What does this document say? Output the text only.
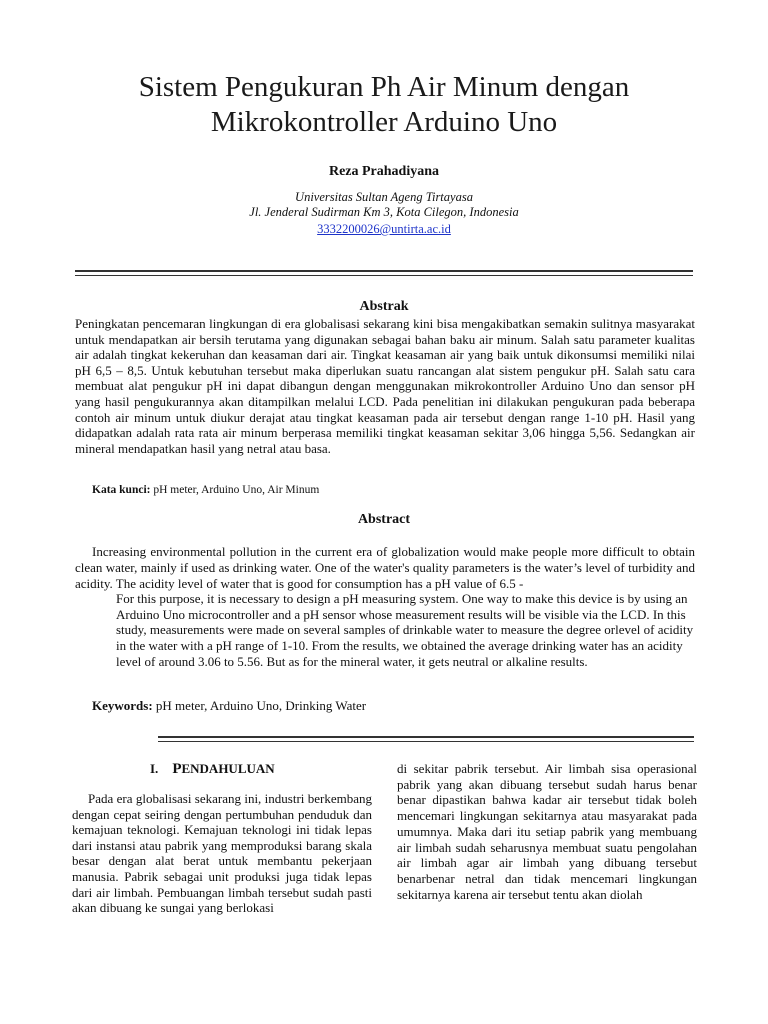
Sistem Pengukuran Ph Air Minum dengan
Mikrokontroller Arduino Uno
Reza Prahadiyana
Universitas Sultan Ageng Tirtayasa
Jl. Jenderal Sudirman Km 3, Kota Cilegon, Indonesia
3332200026@untirta.ac.id
Abstrak

Peningkatan pencemaran lingkungan di era globalisasi sekarang kini bisa mengakibatkan semakin sulitnya masyarakat untuk mendapatkan air bersih terutama yang digunakan sebagai bahan baku air minum. Salah satu parameter kualitas air adalah tingkat kekeruhan dan keasaman dari air. Tingkat keasaman air yang baik untuk dikonsumsi memiliki nilai pH 6,5 – 8,5. Untuk kebutuhan tersebut maka diperlukan suatu rancangan alat sistem pengukur pH. Salah satu cara membuat alat pengukur pH ini dapat dibangun dengan menggunakan mikrokontroller Arduino Uno dan sensor pH yang hasil pengukurannya akan ditampilkan melalui LCD. Pada penelitian ini dilakukan pengukuran pada beberapa contoh air minum untuk diukur derajat atau tingkat keasaman pada air tersebut dengan range 1-10 pH. Hasil yang didapatkan adalah rata rata air minum berperasa memiliki tingkat keasaman sekitar 3,06 hingga 5,56. Sedangkan air mineral mendapatkan hasil yang netral atau basa.

Kata kunci: pH meter, Arduino Uno, Air Minum
Abstract

Increasing environmental pollution in the current era of globalization would make people more difficult to obtain clean water, mainly if used as drinking water. One of the water's quality parameters is the water’s level of turbidity and acidity. The acidity level of water that is good for consumption has a pH value of 6.5 -

For this purpose, it is necessary to design a pH measuring system. One way to make this device is by using an Arduino Uno microcontroller and a pH sensor whose measurement results will be visible via the LCD. In this study, measurements were made on several samples of drinkable water to measure the degree orlevel of acidity in the water with a pH range of 1-10. From the results, we obtained the average drinking water has an acidity level of around 3.06 to 5.56. But as for the mineral water, it gets neutral or alkaline results.

Keywords: pH meter, Arduino Uno, Drinking Water
I. PENDAHULUAN

Pada era globalisasi sekarang ini, industri berkembang dengan cepat seiring dengan pertumbuhan penduduk dan kemajuan teknologi. Kemajuan teknologi ini tidak lepas dari instansi atau pabrik yang memproduksi barang skala besar dengan alat berat untuk membantu pekerjaan manusia. Pabrik sebagai unit produksi juga tidak lepas dari air limbah. Pembuangan limbah tersebut sudah pasti akan dibuang ke sungai yang berlokasi

di sekitar pabrik tersebut. Air limbah sisa operasional pabrik yang akan dibuang tersebut sudah harus benar benar dipastikan bahwa kadar air tersebut tidak boleh mencemari lingkungan sekitarnya atau masyarakat pada umumnya. Maka dari itu setiap pabrik yang membuang air limbah sudah seharusnya membuat suatu pengolahan air limbah agar air limbah yang dibuang tersebut benarbenar netral dan tidak mencemari lingkungan sekitarnya karena air tersebut tentu akan diolah
